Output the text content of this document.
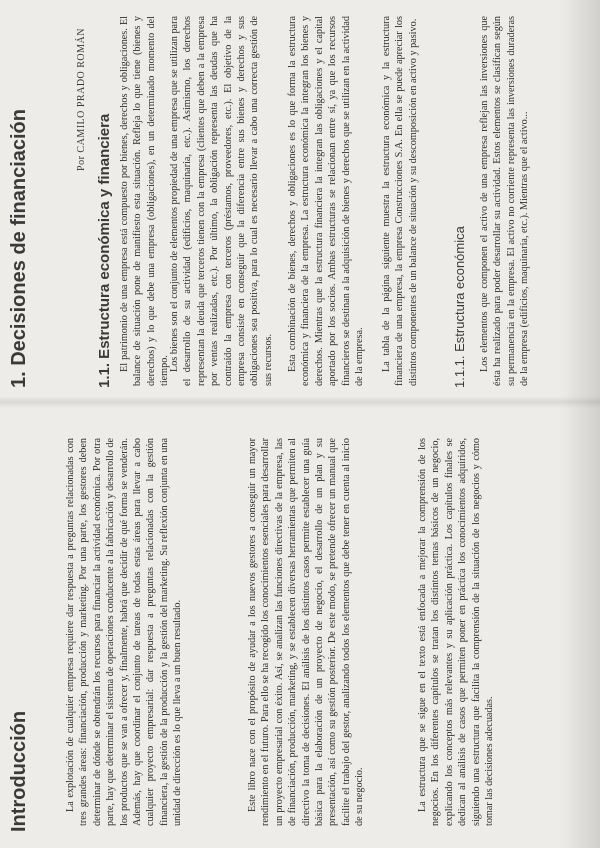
Introducción	La explotación de cualquier empresa requiere dar respuesta a preguntas relacionadas con tres grandes áreas: financiación, producción y marketing. Por una parte, los gestores deben determinar de dónde se obtendrán los recursos para financiar la actividad económica. Por otra parte, hay que determinar el sistema de operaciones conducente a la fabricación y desarrollo de los productos que se van a ofrecer y, finalmente, habrá que decidir de qué forma se venderán. Además, hay que coordinar el conjunto de tareas de todas estas áreas para llevar a cabo cualquier proyecto empresarial: dar respuesta a preguntas relacionadas con la gestión financiera, la gestión de la producción y la gestión del marketing. Su reflexión conjunta en una unidad de dirección es lo que lleva a un buen resultado.	Este libro nace con el propósito de ayudar a los nuevos gestores a conseguir un mayor rendimiento en el futuro. Para ello se ha recogido los conocimientos esenciales para desarrollar un proyecto empresarial con éxito. Así, se analizan las funciones directivas de la empresa, las de financiación, producción, marketing, y se establecen diversas herramientas que permiten al directivo la toma de decisiones. El análisis de los distintos casos permite establecer una guía básica para la elaboración de un proyecto de negocio, el desarrollo de un plan y su presentación, así como su gestión posterior. De este modo, se pretende ofrecer un manual que facilite el trabajo del gestor, analizando todos los elementos que debe tener en cuenta al inicio de su negocio.	La estructura que se sigue en el texto está enfocada a mejorar la comprensión de los negocios. En los diferentes capítulos se tratan los distintos temas básicos de un negocio, explicando los conceptos más relevantes y su aplicación práctica. Los capítulos finales se dedican al análisis de casos que permiten poner en práctica los conocimientos adquiridos, siguiendo una estructura que facilita la comprensión de la situación de los negocios y cómo tomar las decisiones adecuadas.

1. Decisiones de financiación
Por CAMILO PRADO ROMÁN
1.1. Estructura económica y financiera El patrimonio de una empresa está compuesto por bienes, derechos y obligaciones. El balance de situación pone de manifiesto esta situación. Refleja lo que tiene (bienes y derechos) y lo que debe una empresa (obligaciones), en un determinado momento del tiempo.

Los bienes son el conjunto de elementos propiedad de una empresa que se utilizan para el desarrollo de su actividad (edificios, maquinaria, etc.). Asimismo, los derechos representan la deuda que terceros tienen con la empresa (clientes que deben a la empresa por ventas realizadas, etc.). Por último, la obligación representa las deudas que ha contraído la empresa con terceros (préstamos, proveedores, etc.). El objetivo de la empresa consiste en conseguir que la diferencia entre sus bienes y derechos y sus obligaciones sea positiva, para lo cual es necesario llevar a cabo una correcta gestión de sus recursos. Esta combinación de bienes, derechos y obligaciones es lo que forma la estructura económica y financiera de la empresa. La estructura económica la integran los bienes y derechos. Mientras que la estructura financiera la integran las obligaciones y el capital aportado por los socios. Ambas estructuras se relacionan entre sí, ya que los recursos financieros se destinan a la adquisición de bienes y derechos que se utilizan en la actividad de la empresa. La tabla de la página siguiente muestra la estructura económica y la estructura financiera de una empresa, la empresa Construcciones S.A. En ella se puede apreciar los distintos componentes de un balance de situación y su descomposición en activo y pasivo.	1.1.1. Estructura económica Los elementos que componen el activo de una empresa reflejan las inversiones que ésta ha realizado para poder desarrollar su actividad. Estos elementos se clasifican según su permanencia en la empresa. El activo no corriente representa las inversiones duraderas de la empresa (edificios, maquinaria, etc.). Mientras que el activo...
